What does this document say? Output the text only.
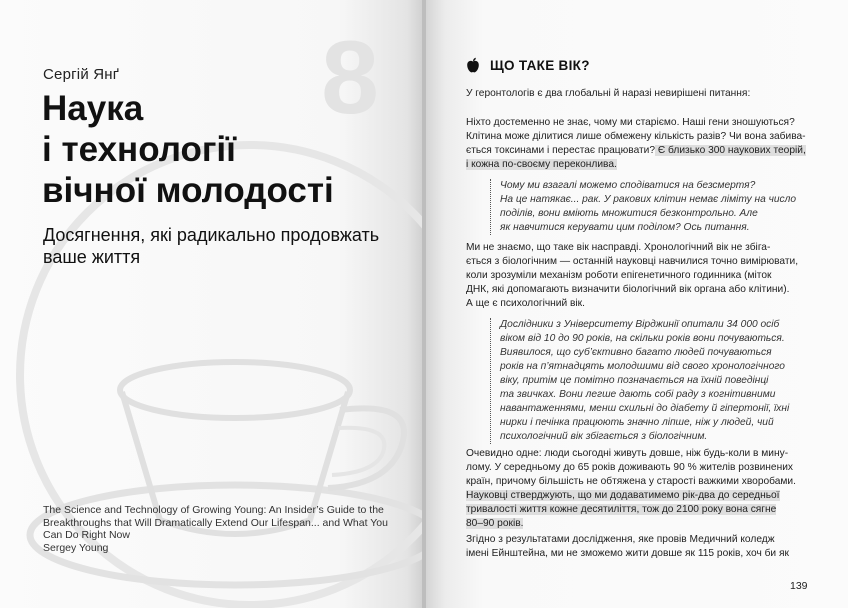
8
Сергій Янґ
Наука
і технології
вічної молодості
Досягнення, які радикально продовжать
ваше життя
The Science and Technology of Growing Young: An Insider’s Guide to the
Breakthroughs that Will Dramatically Extend Our Lifespan... and What You
Can Do Right Now
Sergey Young
ЩО ТАКЕ ВІК?
У геронтологів є два глобальні й наразі невирішені питання:
Ніхто достеменно не знає, чому ми старіємо. Наші гени зношуються?
Клітина може ділитися лише обмежену кількість разів? Чи вона забива-
ється токсинами і перестає працювати? Є близько 300 наукових теорій,
і кожна по-своєму переконлива.
Чому ми взагалі можемо сподіватися на безсмертя?
На це натякає... рак. У ракових клітин немає ліміту на число
поділів, вони вміють множитися безконтрольно. Але
як навчитися керувати цим поділом? Ось питання.
Ми не знаємо, що таке вік насправді. Хронологічний вік не збіга-
ється з біологічним — останній науковці навчилися точно вимірювати,
коли зрозуміли механізм роботи епігенетичного годинника (міток
ДНК, які допомагають визначити біологічний вік органа або клітини).
А ще є психологічний вік.
Дослідники з Університету Вірджинії опитали 34 000 осіб
віком від 10 до 90 років, на скільки років вони почуваються.
Виявилося, що суб’єктивно багато людей почуваються
років на п’ятнадцять молодшими від свого хронологічного
віку, притім це помітно позначається на їхній поведінці
та звичках. Вони легше дають собі раду з когнітивними
навантаженнями, менш схильні до діабету й гіпертонії, їхні
нирки і печінка працюють значно ліпше, ніж у людей, чий
психологічний вік збігається з біологічним.
Очевидно одне: люди сьогодні живуть довше, ніж будь-коли в мину-
лому. У середньому до 65 років доживають 90 % жителів розвинених
країн, причому більшість не обтяжена у старості важкими хворобами.
Науковці стверджують, що ми додаватимемо рік-два до середньої
тривалості життя кожне десятиліття, тож до 2100 року вона сягне
80–90 років.
Згідно з результатами дослідження, яке провів Медичний коледж
імені Ейнштейна, ми не зможемо жити довше як 115 років, хоч би як
139
